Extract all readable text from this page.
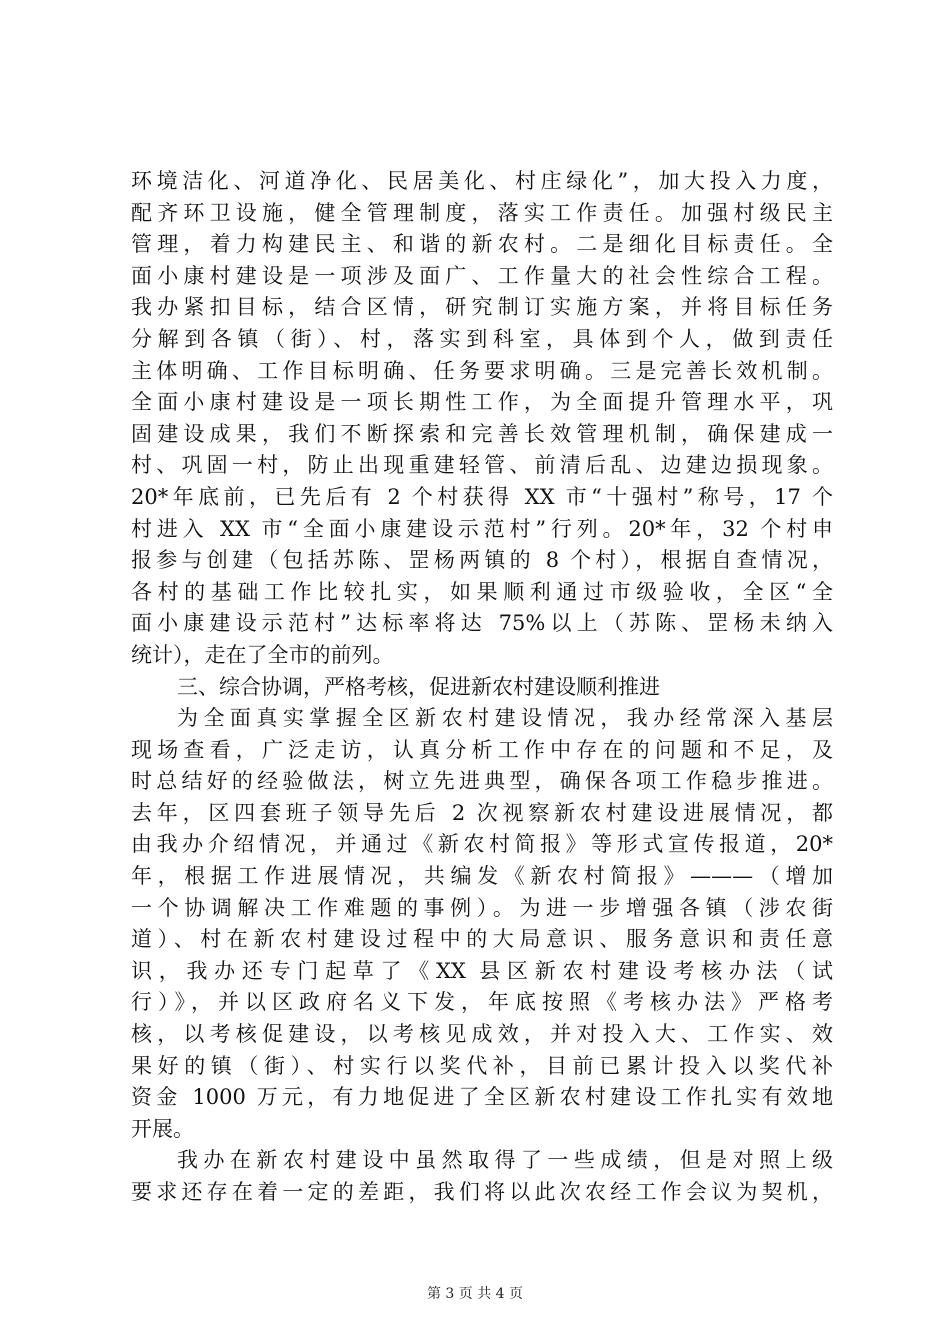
环境洁化、河道净化、民居美化、村庄绿化”，加大投入力度，
配齐环卫设施，健全管理制度，落实工作责任。加强村级民主
管理，着力构建民主、和谐的新农村。二是细化目标责任。全
面小康村建设是一项涉及面广、工作量大的社会性综合工程。
我办紧扣目标，结合区情，研究制订实施方案，并将目标任务
分解到各镇（街）、村，落实到科室，具体到个人，做到责任
主体明确、工作目标明确、任务要求明确。三是完善长效机制。
全面小康村建设是一项长期性工作，为全面提升管理水平，巩
固建设成果，我们不断探索和完善长效管理机制，确保建成一
村、巩固一村，防止出现重建轻管、前清后乱、边建边损现象。
20*年底前，已先后有 2 个村获得 XX 市“十强村”称号，17 个
村进入 XX 市“全面小康建设示范村”行列。20*年，32 个村申
报参与创建（包括苏陈、罡杨两镇的 8 个村），根据自查情况，
各村的基础工作比较扎实，如果顺利通过市级验收，全区“全
面小康建设示范村”达标率将达 75%以上（苏陈、罡杨未纳入
统计），走在了全市的前列。
三、综合协调，严格考核，促进新农村建设顺利推进
为全面真实掌握全区新农村建设情况，我办经常深入基层
现场查看，广泛走访，认真分析工作中存在的问题和不足，及
时总结好的经验做法，树立先进典型，确保各项工作稳步推进。
去年，区四套班子领导先后 2 次视察新农村建设进展情况，都
由我办介绍情况，并通过《新农村简报》等形式宣传报道，20*
年，根据工作进展情况，共编发《新农村简报》———（增加
一个协调解决工作难题的事例）。为进一步增强各镇（涉农街
道）、村在新农村建设过程中的大局意识、服务意识和责任意
识，我办还专门起草了《XX 县区新农村建设考核办法（试
行）》，并以区政府名义下发，年底按照《考核办法》严格考
核，以考核促建设，以考核见成效，并对投入大、工作实、效
果好的镇（街）、村实行以奖代补，目前已累计投入以奖代补
资金 1000 万元，有力地促进了全区新农村建设工作扎实有效地
开展。
我办在新农村建设中虽然取得了一些成绩，但是对照上级
要求还存在着一定的差距，我们将以此次农经工作会议为契机，
第 3 页 共 4 页
